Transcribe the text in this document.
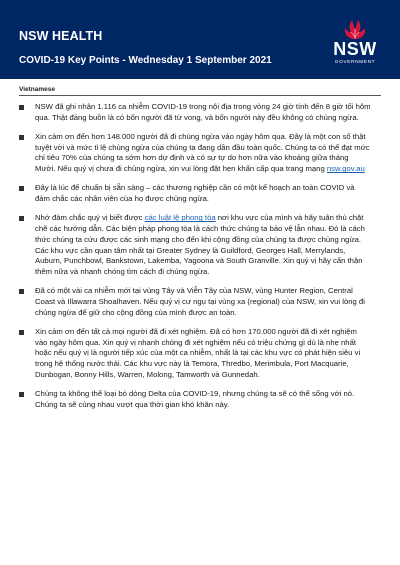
NSW HEALTH
COVID-19 Key Points - Wednesday 1 September 2021
NSW
GOVERNMENT
Vietnamese
NSW đã ghi nhận 1.116 ca nhiễm COVID-19 trong nội địa trong vòng 24 giờ tính đến 8 giờ tối hôm qua. Thật đáng buồn là có bốn người đã tử vong, và bốn người này đều không có chủng ngừa.
Xin cảm ơn đến hơn 148.000 người đã đi chủng ngừa vào ngày hôm qua. Đây là một con số thật tuyệt vời và mức tỉ lệ chủng ngừa của chúng ta đang dần đầu toàn quốc. Chúng ta có thể đạt mức chỉ tiêu 70% của chúng ta sớm hơn dự định và có sự tự do hơn nữa vào khoảng giữa tháng Mười. Nếu quý vị chưa đi chủng ngừa, xin vui lòng đặt hẹn khẩn cấp qua trang mạng nsw.gov.au
Đây là lúc để chuẩn bị sẵn sàng – các thương nghiệp cần có một kế hoạch an toàn COVID và đảm chắc các nhân viên của họ được chủng ngừa.
Nhớ đảm chắc quý vị biết được các luật lệ phong tỏa nơi khu vực của mình và hãy tuân thủ chặt chẽ các hướng dẫn. Các biện pháp phong tỏa là cách thức chúng ta bảo vệ lẫn nhau. Đó là cách thức chúng ta cứu được các sinh mạng cho đến khi cộng đồng của chúng ta được chủng ngừa. Các khu vực cần quan tâm nhất tại Greater Sydney là Guildford, Georges Hall, Merrylands, Auburn, Punchbowl, Bankstown, Lakemba, Yagoona và South Granville. Xin quý vị hãy cẩn thận thêm nữa và nhanh chóng tìm cách đi chủng ngừa.
Đã có một vài ca nhiễm mới tại vùng Tây và Viễn Tây của NSW, vùng Hunter Region, Central Coast và Illawarra Shoalhaven. Nếu quý vị cư ngụ tại vùng xa (regional) của NSW, xin vui lòng đi chủng ngừa để giữ cho cộng đồng của mình được an toàn.
Xin cảm ơn đến tất cả mọi người đã đi xét nghiệm. Đã có hơn 170.000 người đã đi xét nghiệm vào ngày hôm qua. Xin quý vị nhanh chóng đi xét nghiệm nếu có triệu chứng gì dù là nhẹ nhất hoặc nếu quý vị là người tiếp xúc của một ca nhiễm, nhất là tại các khu vực có phát hiện siêu vi trong hệ thống nước thải. Các khu vực này là Temora, Thredbo, Merimbula, Port Macquarie, Dunbogan, Bonny Hills, Warren, Molong, Tamworth và Gunnedah.
Chúng ta không thể loại bỏ dòng Delta của COVID-19, nhưng chúng ta sẽ có thể sống với nó. Chúng ta sẽ cùng nhau vượt qua thời gian khó khăn này.
